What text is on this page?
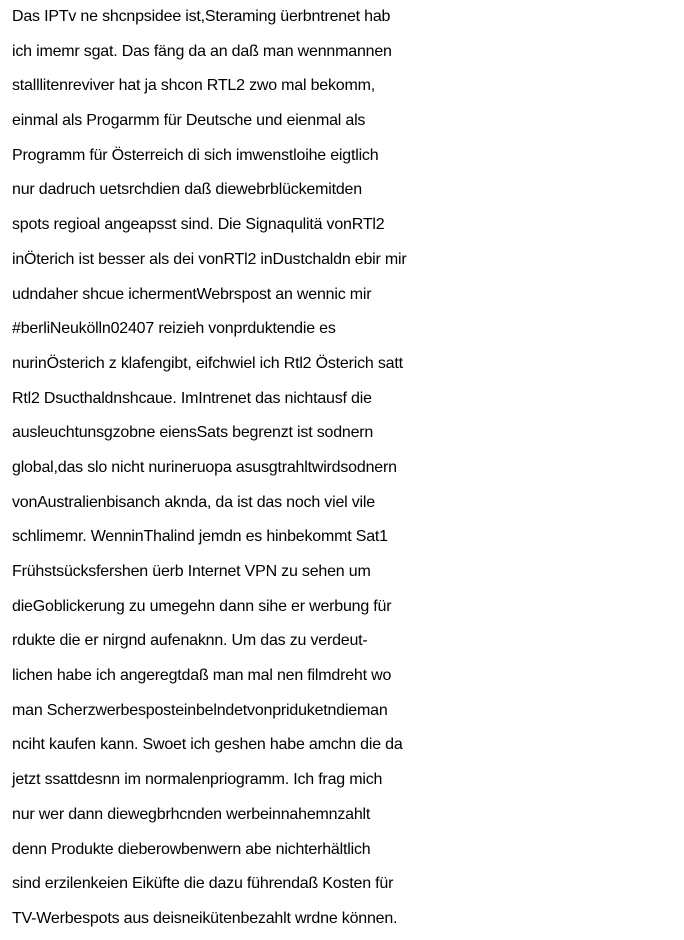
Das IPTv ne shcnpsidee ist,Steraming üerbntrenet hab
ich imemr sgat. Das fäng da an daß man wennmannen
stalllitenreviver hat ja shcon RTL2 zwo mal bekomm,
einmal als Progarmm für Deutsche und eienmal als
Programm für Österreich di sich imwenstloihe eigtlich
nur dadruch uetsrchdien daß diewebrblückemitden
spots regioal angeapsst sind. Die Signaqulitä vonRTl2
inÖterich ist besser als dei vonRTl2 inDustchaldn ebir mir
udndaher shcue ichermentWebrspost an wennic mir
#berliNeukölln02407 reizieh vonprduktendie es
nurinÖsterich z klafengibt, eifchwiel ich Rtl2 Österich satt
Rtl2 Dsucthaldnshcaue. ImIntrenet das nichtausf die
ausleuchtunsgzobne eiensSats begrenzt ist sodnern
global,das slo nicht nurineruopa asusgtrahltwirdsodnern
vonAustralienbisanch aknda, da ist das noch viel vile
schlimemr. WenninThalind jemdn es hinbekommt Sat1
Frühstsücksfershen üerb Internet VPN zu sehen um
dieGoblickerung zu umegehn dann sihe er werbung für
rdukte die er nirgnd aufenaknn. Um das zu verdeut-
lichen habe ich angeregtdaß man mal nen filmdreht wo
man Scherzwerbesposteinbelndetvonpriduketndieman
nciht kaufen kann. Swoet ich geshen habe amchn die da
jetzt ssattdesnn im normalenpriogramm. Ich frag mich
nur wer dann diewegbrhcnden werbeinnahemnzahlt
denn Produkte dieberowbenwern abe nichterhältlich
sind erzilenkeien Eiküfte die dazu führendaß Kosten für
TV-Werbespots aus deisneikütenbezahlt wrdne können.
